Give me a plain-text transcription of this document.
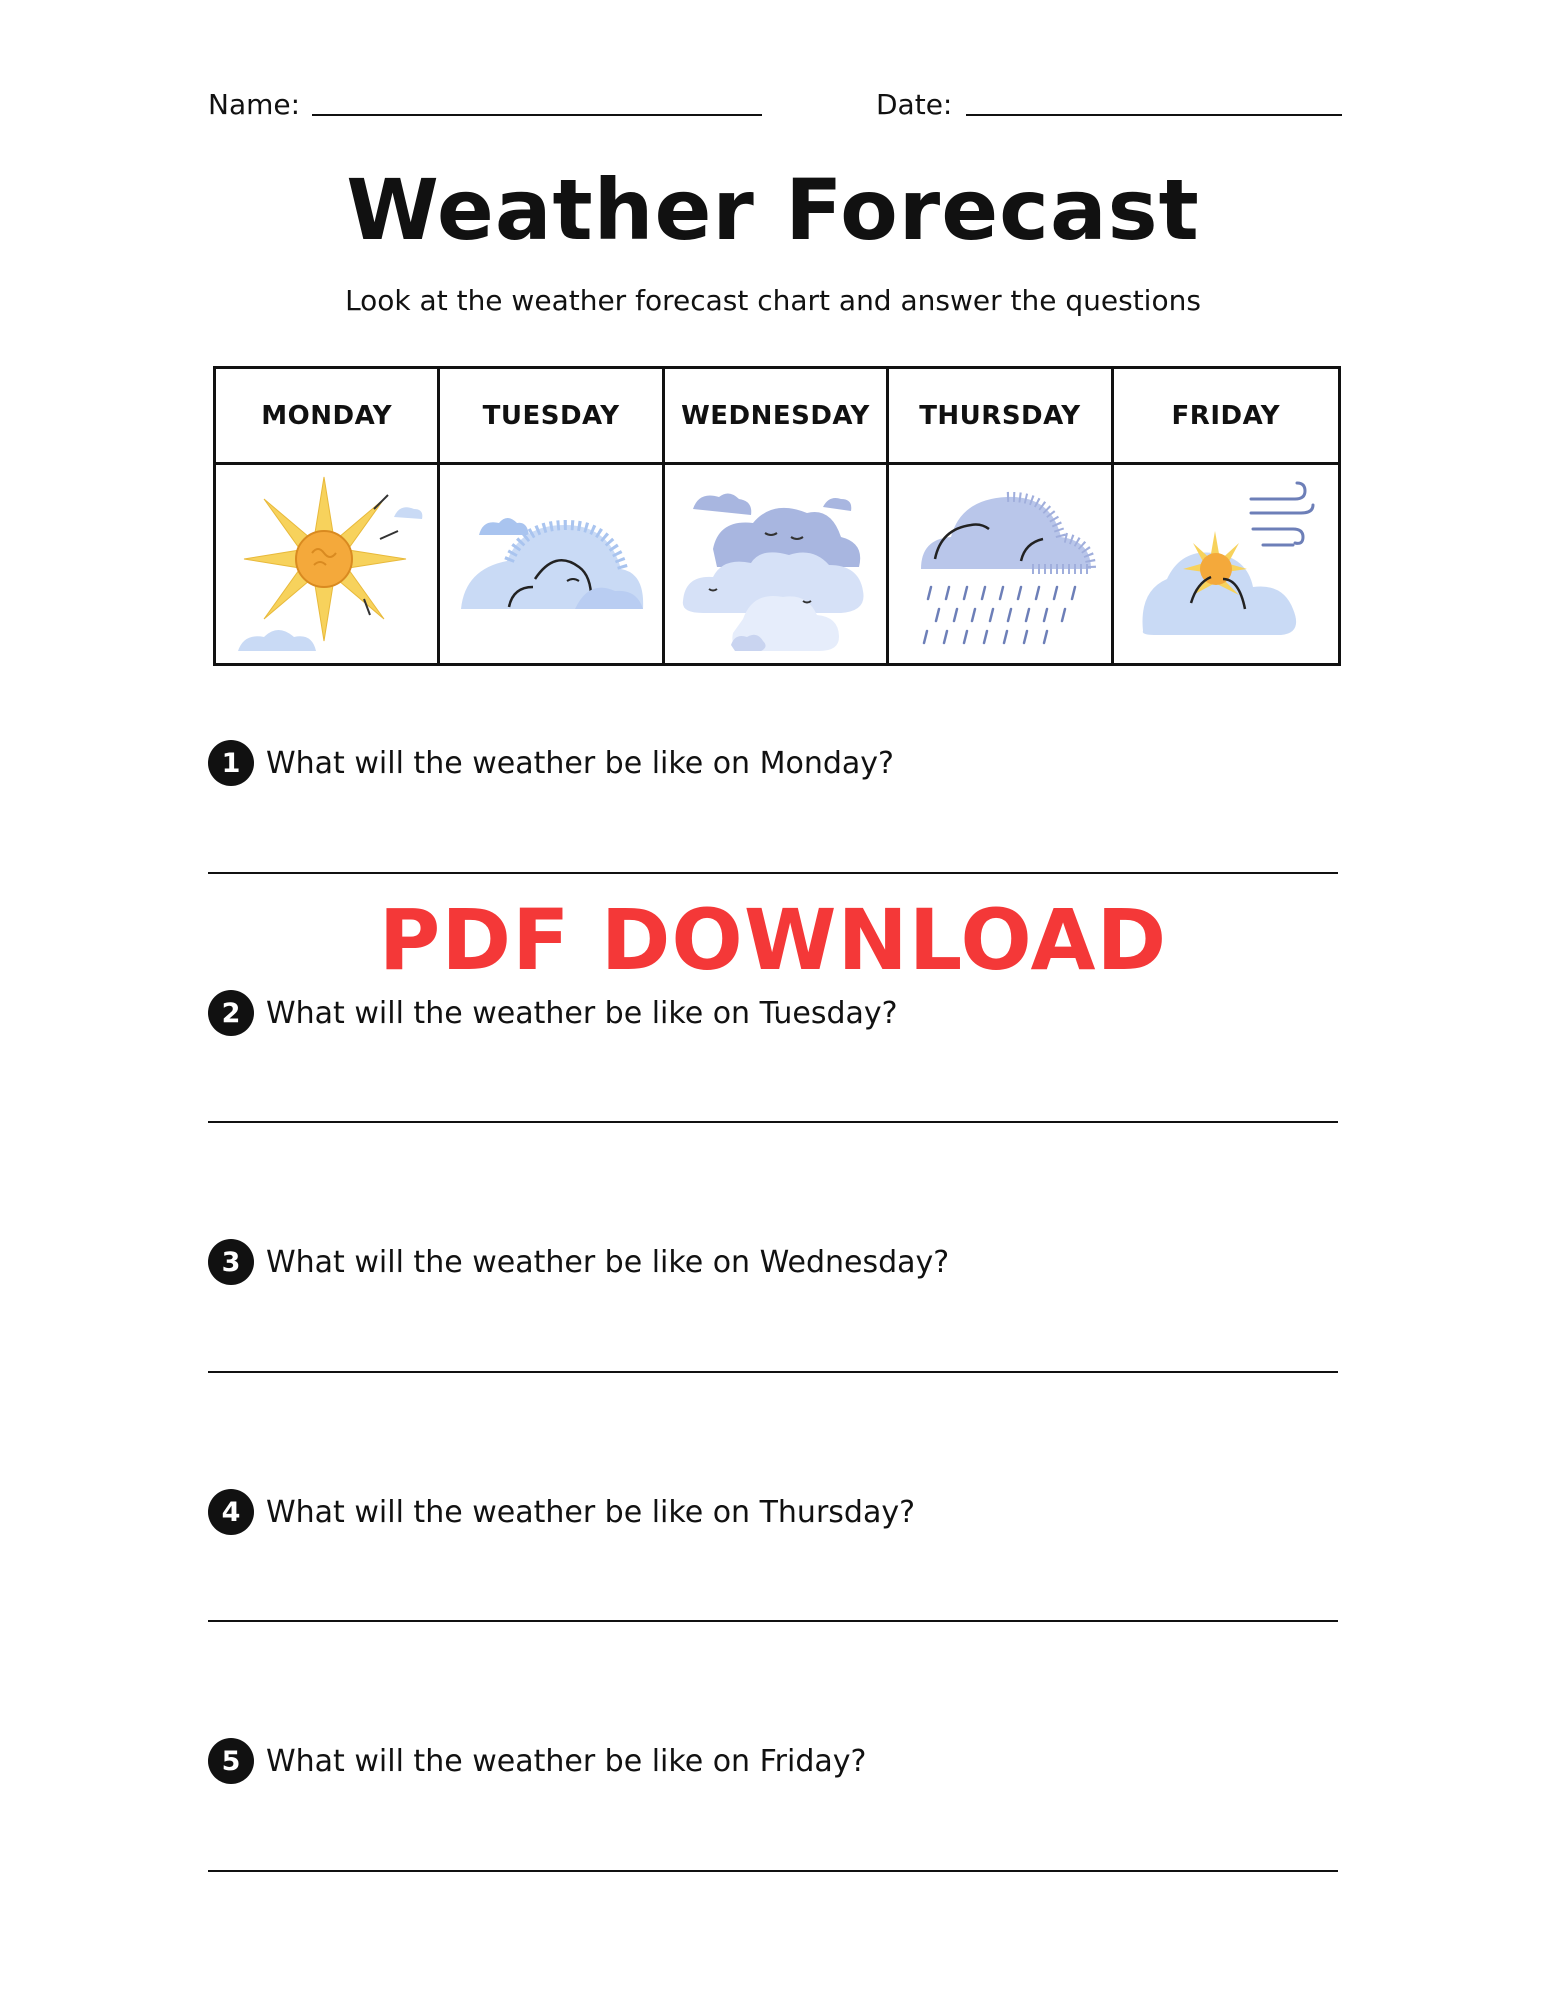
Name:	Date:
Weather Forecast
Look at the weather forecast chart and answer the questions
MONDAY	TUESDAY	WEDNESDAY	THURSDAY	FRIDAY
1 What will the weather be like on Monday?
PDF DOWNLOAD
2 What will the weather be like on Tuesday?
3 What will the weather be like on Wednesday?
4 What will the weather be like on Thursday?
5 What will the weather be like on Friday?
